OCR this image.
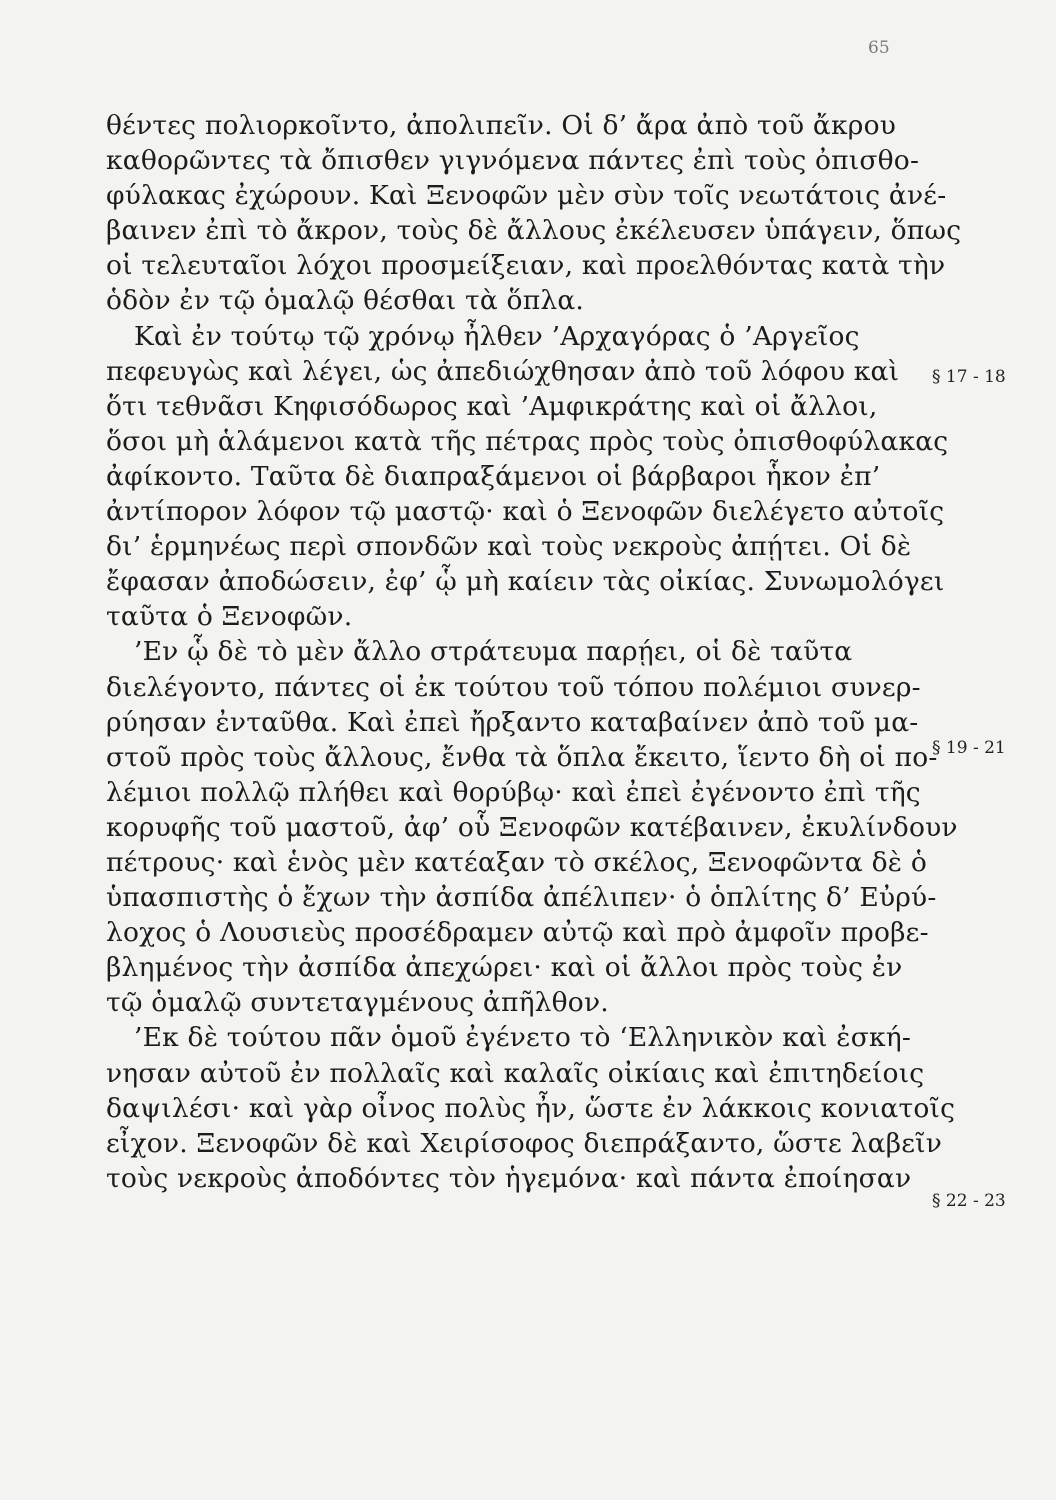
65
θέντες πολιορκοῖντο, ἀπολιπεῖν. Οἱ δ’ ἄρα ἀπὸ τοῦ ἄκρου
καθορῶντες τὰ ὄπισθεν γιγνόμενα πάντες ἐπὶ τοὺς ὀπισθο-
φύλακας ἐχώρουν. Καὶ Ξενοφῶν μὲν σὺν τοῖς νεωτάτοις ἀνέ-
βαινεν ἐπὶ τὸ ἄκρον, τοὺς δὲ ἄλλους ἐκέλευσεν ὑπάγειν, ὅπως
οἱ τελευταῖοι λόχοι προσμείξειαν, καὶ προελθόντας κατὰ τὴν
ὁδὸν ἐν τῷ ὁμαλῷ θέσθαι τὰ ὅπλα.
Καὶ ἐν τούτῳ τῷ χρόνῳ ἦλθεν ’Αρχαγόρας ὁ ’Αργεῖος
πεφευγὼς καὶ λέγει, ὡς ἀπεδιώχθησαν ἀπὸ τοῦ λόφου καὶ
ὅτι τεθνᾶσι Κηφισόδωρος καὶ ’Αμφικράτης καὶ οἱ ἄλλοι,
ὅσοι μὴ ἁλάμενοι κατὰ τῆς πέτρας πρὸς τοὺς ὀπισθοφύλακας
ἀφίκοντο. Ταῦτα δὲ διαπραξάμενοι οἱ βάρβαροι ἧκον ἐπ’
ἀντίπορον λόφον τῷ μαστῷ· καὶ ὁ Ξενοφῶν διελέγετο αὐτοῖς
δι’ ἑρμηνέως περὶ σπονδῶν καὶ τοὺς νεκροὺς ἀπῄτει. Οἱ δὲ
ἔφασαν ἀποδώσειν, ἐφ’ ᾧ μὴ καίειν τὰς οἰκίας. Συνωμολόγει
ταῦτα ὁ Ξενοφῶν.
’Εν ᾧ δὲ τὸ μὲν ἄλλο στράτευμα παρῄει, οἱ δὲ ταῦτα
διελέγοντο, πάντες οἱ ἐκ τούτου τοῦ τόπου πολέμιοι συνερ-
ρύησαν ἐνταῦθα. Καὶ ἐπεὶ ἤρξαντο καταβαίνεν ἀπὸ τοῦ μα-
στοῦ πρὸς τοὺς ἄλλους, ἔνθα τὰ ὅπλα ἔκειτο, ἵεντο δὴ οἱ πο-
λέμιοι πολλῷ πλήθει καὶ θορύβῳ· καὶ ἐπεὶ ἐγένοντο ἐπὶ τῆς
κορυφῆς τοῦ μαστοῦ, ἀφ’ οὗ Ξενοφῶν κατέβαινεν, ἐκυλίνδουν
πέτρους· καὶ ἑνὸς μὲν κατέαξαν τὸ σκέλος, Ξενοφῶντα δὲ ὁ
ὑπασπιστὴς ὁ ἔχων τὴν ἀσπίδα ἀπέλιπεν· ὁ ὁπλίτης δ’ Εὐρύ-
λοχος ὁ Λουσιεὺς προσέδραμεν αὐτῷ καὶ πρὸ ἀμφοῖν προβε-
βλημένος τὴν ἀσπίδα ἀπεχώρει· καὶ οἱ ἄλλοι πρὸς τοὺς ἐν
τῷ ὁμαλῷ συντεταγμένους ἀπῆλθον.
’Εκ δὲ τούτου πᾶν ὁμοῦ ἐγένετο τὸ ‘Ελληνικὸν καὶ ἐσκή-
νησαν αὐτοῦ ἐν πολλαῖς καὶ καλαῖς οἰκίαις καὶ ἐπιτηδείοις
δαψιλέσι· καὶ γὰρ οἶνος πολὺς ἦν, ὥστε ἐν λάκκοις κονιατοῖς
εἶχον. Ξενοφῶν δὲ καὶ Χειρίσοφος διεπράξαντο, ὥστε λαβεῖν
τοὺς νεκροὺς ἀποδόντες τὸν ἡγεμόνα· καὶ πάντα ἐποίησαν
§ 17 - 18
§ 19 - 21
§ 22 - 23
